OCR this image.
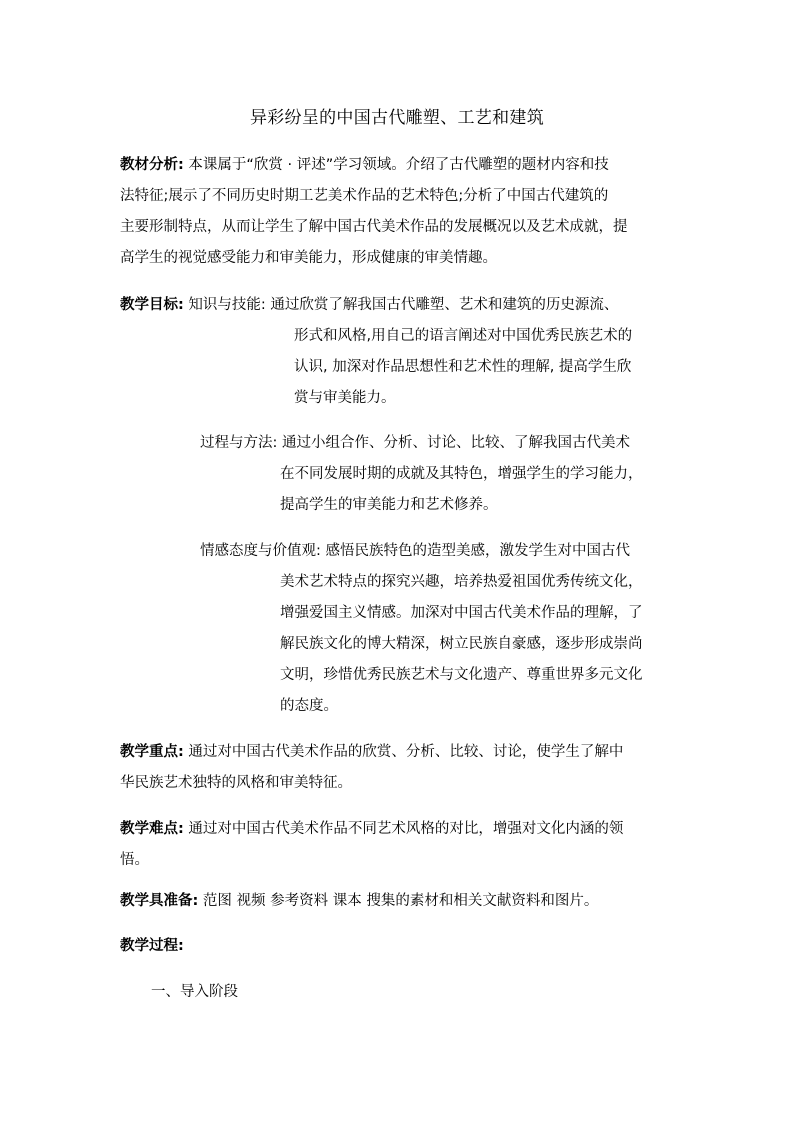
异彩纷呈的中国古代雕塑、工艺和建筑
教材分析: 本课属于“欣赏 · 评述”学习领域。介绍了古代雕塑的题材内容和技
法特征;展示了不同历史时期工艺美术作品的艺术特色;分析了中国古代建筑的
主要形制特点，从而让学生了解中国古代美术作品的发展概况以及艺术成就，提
高学生的视觉感受能力和审美能力，形成健康的审美情趣。
教学目标: 知识与技能: 通过欣赏了解我国古代雕塑、艺术和建筑的历史源流、
形式和风格,用自己的语言阐述对中国优秀民族艺术的
认识, 加深对作品思想性和艺术性的理解, 提高学生欣
赏与审美能力。
过程与方法: 通过小组合作、分析、讨论、比较、了解我国古代美术
在不同发展时期的成就及其特色，增强学生的学习能力，
提高学生的审美能力和艺术修养。
情感态度与价值观: 感悟民族特色的造型美感，激发学生对中国古代
美术艺术特点的探究兴趣，培养热爱祖国优秀传统文化，
增强爱国主义情感。加深对中国古代美术作品的理解，了
解民族文化的博大精深，树立民族自豪感，逐步形成崇尚
文明，珍惜优秀民族艺术与文化遗产、尊重世界多元文化
的态度。
教学重点: 通过对中国古代美术作品的欣赏、分析、比较、讨论，使学生了解中
华民族艺术独特的风格和审美特征。
教学难点: 通过对中国古代美术作品不同艺术风格的对比，增强对文化内涵的领
悟。
教学具准备: 范图 视频 参考资料 课本 搜集的素材和相关文献资料和图片。
教学过程:
一、导入阶段
